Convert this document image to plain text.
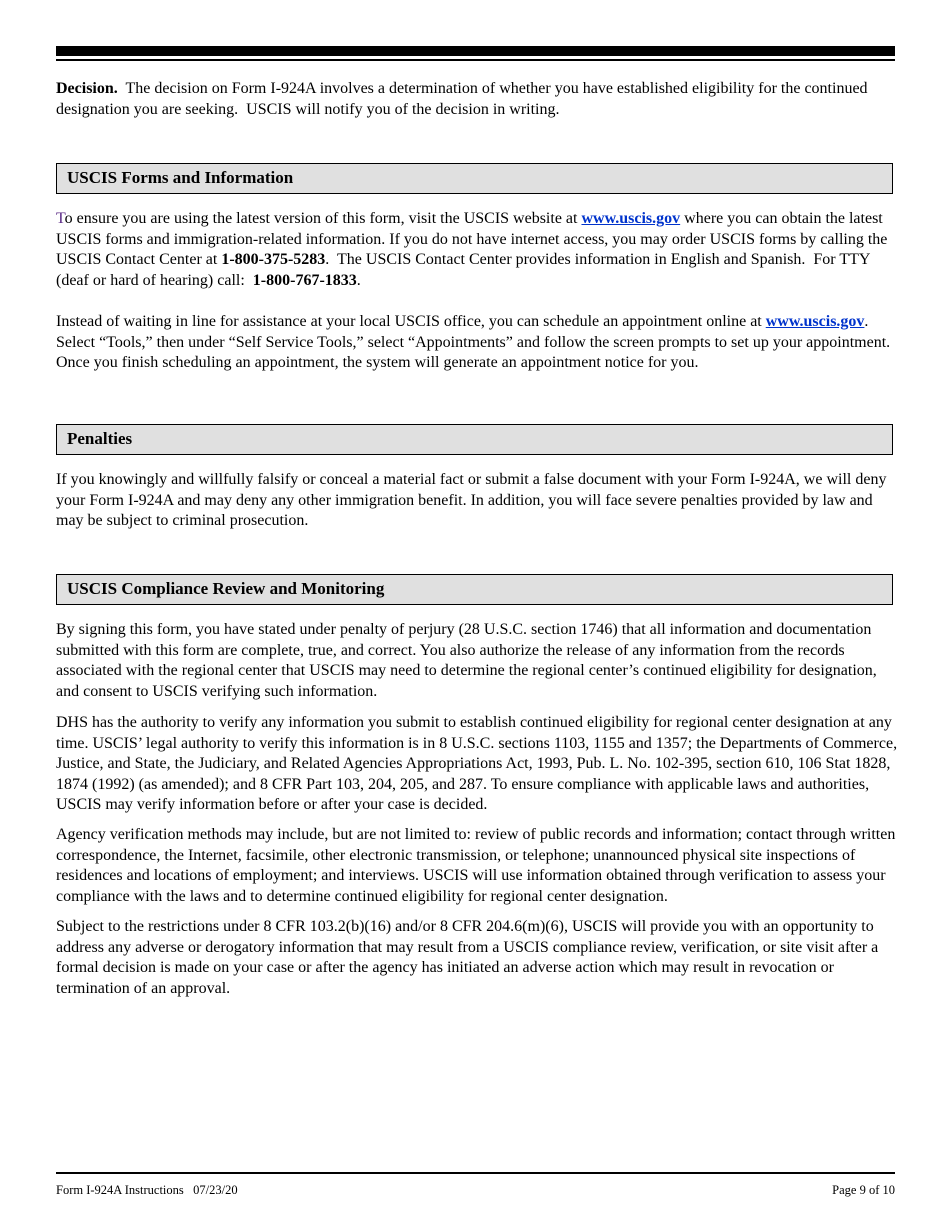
Decision.  The decision on Form I-924A involves a determination of whether you have established eligibility for the continued designation you are seeking.  USCIS will notify you of the decision in writing.

USCIS Forms and Information

To ensure you are using the latest version of this form, visit the USCIS website at www.uscis.gov where you can obtain the latest USCIS forms and immigration-related information. If you do not have internet access, you may order USCIS forms by calling the USCIS Contact Center at 1-800-375-5283.  The USCIS Contact Center provides information in English and Spanish.  For TTY (deaf or hard of hearing) call:  1-800-767-1833.

Instead of waiting in line for assistance at your local USCIS office, you can schedule an appointment online at www.uscis.gov. Select “Tools,” then under “Self Service Tools,” select “Appointments” and follow the screen prompts to set up your appointment. Once you finish scheduling an appointment, the system will generate an appointment notice for you.

Penalties

If you knowingly and willfully falsify or conceal a material fact or submit a false document with your Form I-924A, we will deny your Form I-924A and may deny any other immigration benefit. In addition, you will face severe penalties provided by law and may be subject to criminal prosecution.

USCIS Compliance Review and Monitoring

By signing this form, you have stated under penalty of perjury (28 U.S.C. section 1746) that all information and documentation submitted with this form are complete, true, and correct. You also authorize the release of any information from the records associated with the regional center that USCIS may need to determine the regional center’s continued eligibility for designation, and consent to USCIS verifying such information.

DHS has the authority to verify any information you submit to establish continued eligibility for regional center designation at any time. USCIS’ legal authority to verify this information is in 8 U.S.C. sections 1103, 1155 and 1357; the Departments of Commerce, Justice, and State, the Judiciary, and Related Agencies Appropriations Act, 1993, Pub. L. No. 102-395, section 610, 106 Stat 1828, 1874 (1992) (as amended); and 8 CFR Part 103, 204, 205, and 287. To ensure compliance with applicable laws and authorities, USCIS may verify information before or after your case is decided.

Agency verification methods may include, but are not limited to: review of public records and information; contact through written correspondence, the Internet, facsimile, other electronic transmission, or telephone; unannounced physical site inspections of residences and locations of employment; and interviews. USCIS will use information obtained through verification to assess your compliance with the laws and to determine continued eligibility for regional center designation.

Subject to the restrictions under 8 CFR 103.2(b)(16) and/or 8 CFR 204.6(m)(6), USCIS will provide you with an opportunity to address any adverse or derogatory information that may result from a USCIS compliance review, verification, or site visit after a formal decision is made on your case or after the agency has initiated an adverse action which may result in revocation or termination of an approval.

Form I-924A Instructions   07/23/20	Page 9 of 10
